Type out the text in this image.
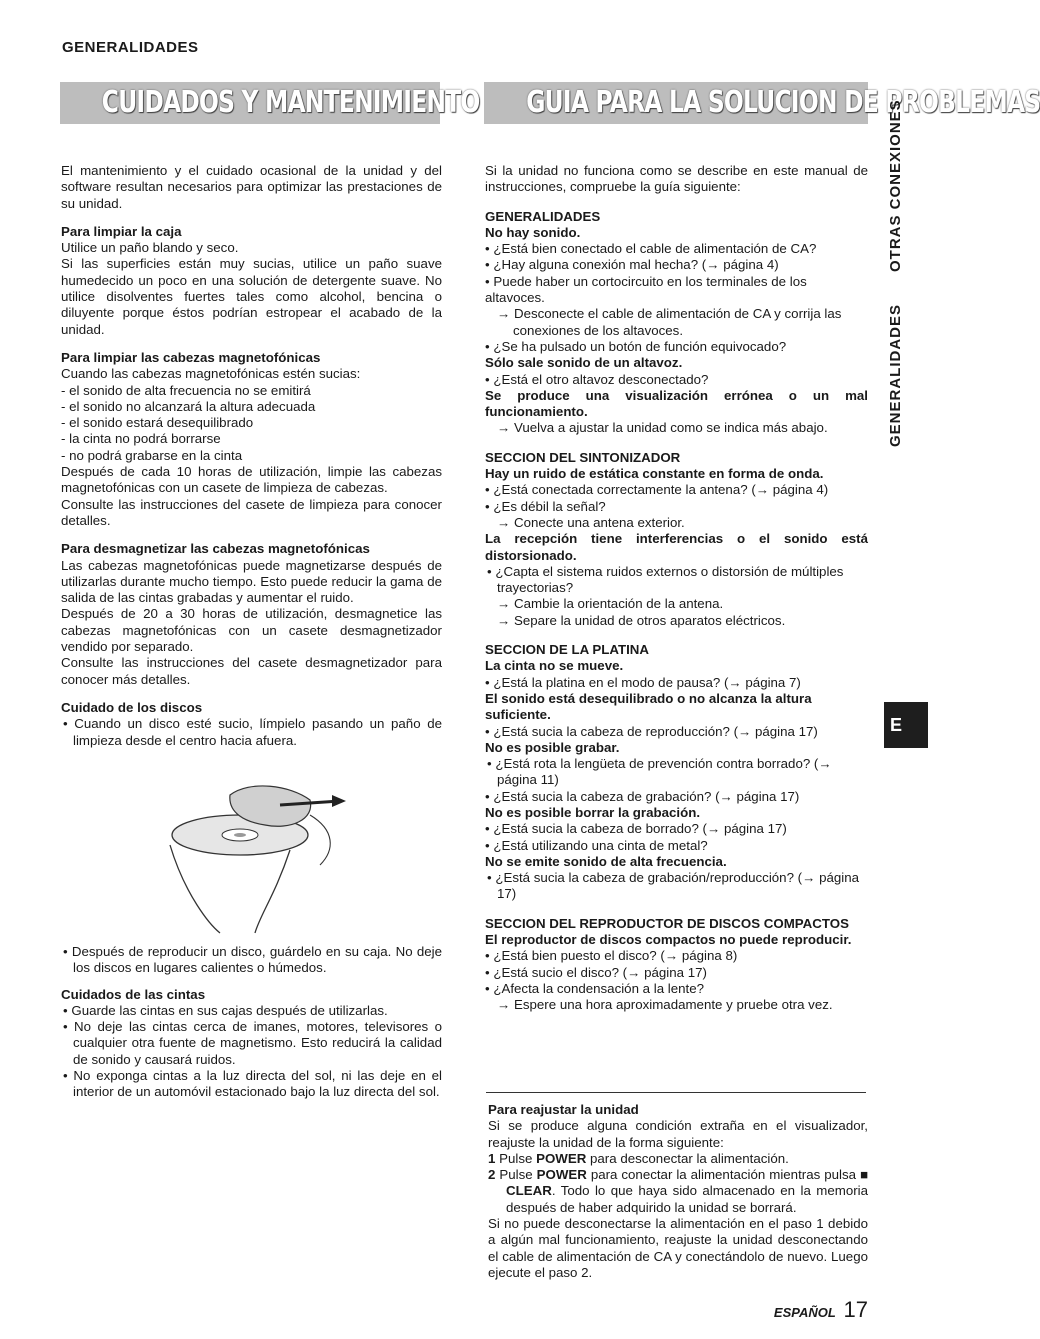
GENERALIDADES
CUIDADOS Y MANTENIMIENTO GUIA PARA LA SOLUCION DE PROBLEMAS

El mantenimiento y el cuidado ocasional de la unidad y del software resultan necesarios para optimizar las prestaciones de su unidad.

Para limpiar la caja

Utilice un paño blando y seco.

Si las superficies están muy sucias, utilice un paño suave humedecido un poco en una solución de detergente suave. No utilice disolventes fuertes tales como alcohol, bencina o diluyente porque éstos podrían estropear el acabado de la unidad.

Para limpiar las cabezas magnetofónicas

Cuando las cabezas magnetofónicas estén sucias:

- el sonido de alta frecuencia no se emitirá

- el sonido no alcanzará la altura adecuada

- el sonido estará desequilibrado

- la cinta no podrá borrarse

- no podrá grabarse en la cinta

Después de cada 10 horas de utilización, limpie las cabezas magnetofónicas con un casete de limpieza de cabezas.

Consulte las instrucciones del casete de limpieza para conocer detalles.

Para desmagnetizar las cabezas magnetofónicas

Las cabezas magnetofónicas puede magnetizarse después de utilizarlas durante mucho tiempo. Esto puede reducir la gama de salida de las cintas grabadas y aumentar el ruido.

Después de 20 a 30 horas de utilización, desmagnetice las cabezas magnetofónicas con un casete desmagnetizador vendido por separado.

Consulte las instrucciones del casete desmagnetizador para conocer más detalles.

Cuidado de los discos

• Cuando un disco esté sucio, límpielo pasando un paño de limpieza desde el centro hacia afuera.

• Después de reproducir un disco, guárdelo en su caja. No deje los discos en lugares calientes o húmedos.

Cuidados de las cintas

• Guarde las cintas en sus cajas después de utilizarlas.

• No deje las cintas cerca de imanes, motores, televisores o cualquier otra fuente de magnetismo. Esto reducirá la calidad de sonido y causará ruidos.

• No exponga cintas a la luz directa del sol, ni las deje en el interior de un automóvil estacionado bajo la luz directa del sol.

Si la unidad no funciona como se describe en este manual de instrucciones, compruebe la guía siguiente:

GENERALIDADES

No hay sonido.

• ¿Está bien conectado el cable de alimentación de CA?

• ¿Hay alguna conexión mal hecha? (→ página 4)

• Puede haber un cortocircuito en los terminales de los altavoces.

→ Desconecte el cable de alimentación de CA y corrija las conexiones de los altavoces.

• ¿Se ha pulsado un botón de función equivocado?

Sólo sale sonido de un altavoz.

• ¿Está el otro altavoz desconectado?

Se produce una visualización errónea o un mal funcionamiento.

→ Vuelva a ajustar la unidad como se indica más abajo.

SECCION DEL SINTONIZADOR

Hay un ruido de estática constante en forma de onda.

• ¿Está conectada correctamente la antena? (→ página 4)

• ¿Es débil la señal?

→ Conecte una antena exterior.

La recepción tiene interferencias o el sonido está distorsionado.

• ¿Capta el sistema ruidos externos o distorsión de múltiples trayectorias?

→ Cambie la orientación de la antena.

→ Separe la unidad de otros aparatos eléctricos.

SECCION DE LA PLATINA

La cinta no se mueve.

• ¿Está la platina en el modo de pausa? (→ página 7)

El sonido está desequilibrado o no alcanza la altura suficiente.

• ¿Está sucia la cabeza de reproducción? (→ página 17)

No es posible grabar.

• ¿Está rota la lengüeta de prevención contra borrado? (→ página 11)

• ¿Está sucia la cabeza de grabación? (→ página 17)

No es posible borrar la grabación.

• ¿Está sucia la cabeza de borrado? (→ página 17)

• ¿Está utilizando una cinta de metal?

No se emite sonido de alta frecuencia.

• ¿Está sucia la cabeza de grabación/reproducción? (→ página 17)

SECCION DEL REPRODUCTOR DE DISCOS COMPACTOS

El reproductor de discos compactos no puede reproducir.

• ¿Está bien puesto el disco? (→ página 8)

• ¿Está sucio el disco? (→ página 17)

• ¿Afecta la condensación a la lente?

→ Espere una hora aproximadamente y pruebe otra vez.

Para reajustar la unidad

Si se produce alguna condición extraña en el visualizador, reajuste la unidad de la forma siguiente:

1 Pulse POWER para desconectar la alimentación.

2 Pulse POWER para conectar la alimentación mientras pulsa ■ CLEAR. Todo lo que haya sido almacenado en la memoria después de haber adquirido la unidad se borrará.

Si no puede desconectarse la alimentación en el paso 1 debido a algún mal funcionamiento, reajuste la unidad desconectando el cable de alimentación de CA y conectándolo de nuevo. Luego ejecute el paso 2.

OTRAS CONEXIONES
GENERALIDADES
E
ESPAÑOL 17
